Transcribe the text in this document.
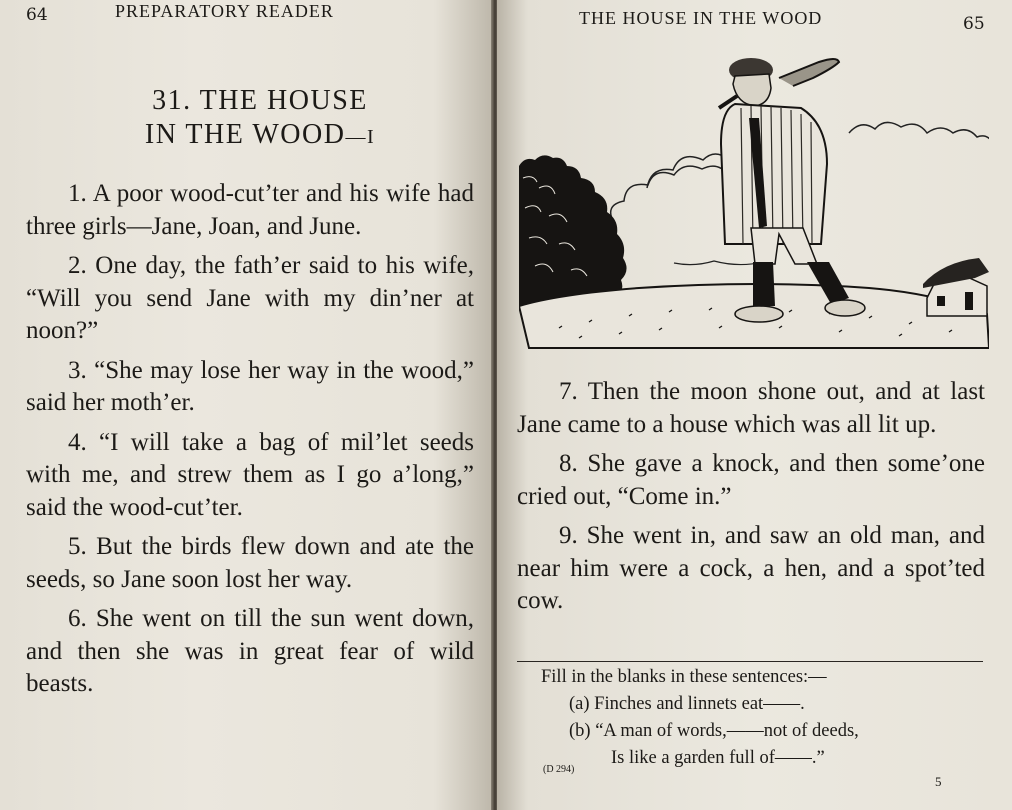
64	PREPARATORY READER
31. THE HOUSE
IN THE WOOD—I

1. A poor wood-cut’ter and his wife had three girls—Jane, Joan, and June.

2. One day, the fath’er said to his wife, “Will you send Jane with my din’ner at noon?”

3. “She may lose her way in the wood,” said her moth’er.

4. “I will take a bag of mil’let seeds with me, and strew them as I go a’long,” said the wood-cut’ter.

5. But the birds flew down and ate the seeds, so Jane soon lost her way.

6. She went on till the sun went down, and then she was in great fear of wild beasts.

THE HOUSE IN THE WOOD	65

7. Then the moon shone out, and at last Jane came to a house which was all lit up.

8. She gave a knock, and then some’one cried out, “Come in.”

9. She went in, and saw an old man, and near him were a cock, a hen, and a spot’ted cow.

Fill in the blanks in these sentences:—
(a) Finches and linnets eat——.
(b) “A man of words,——not of deeds,
Is like a garden full of——.”
(D 294)
5
